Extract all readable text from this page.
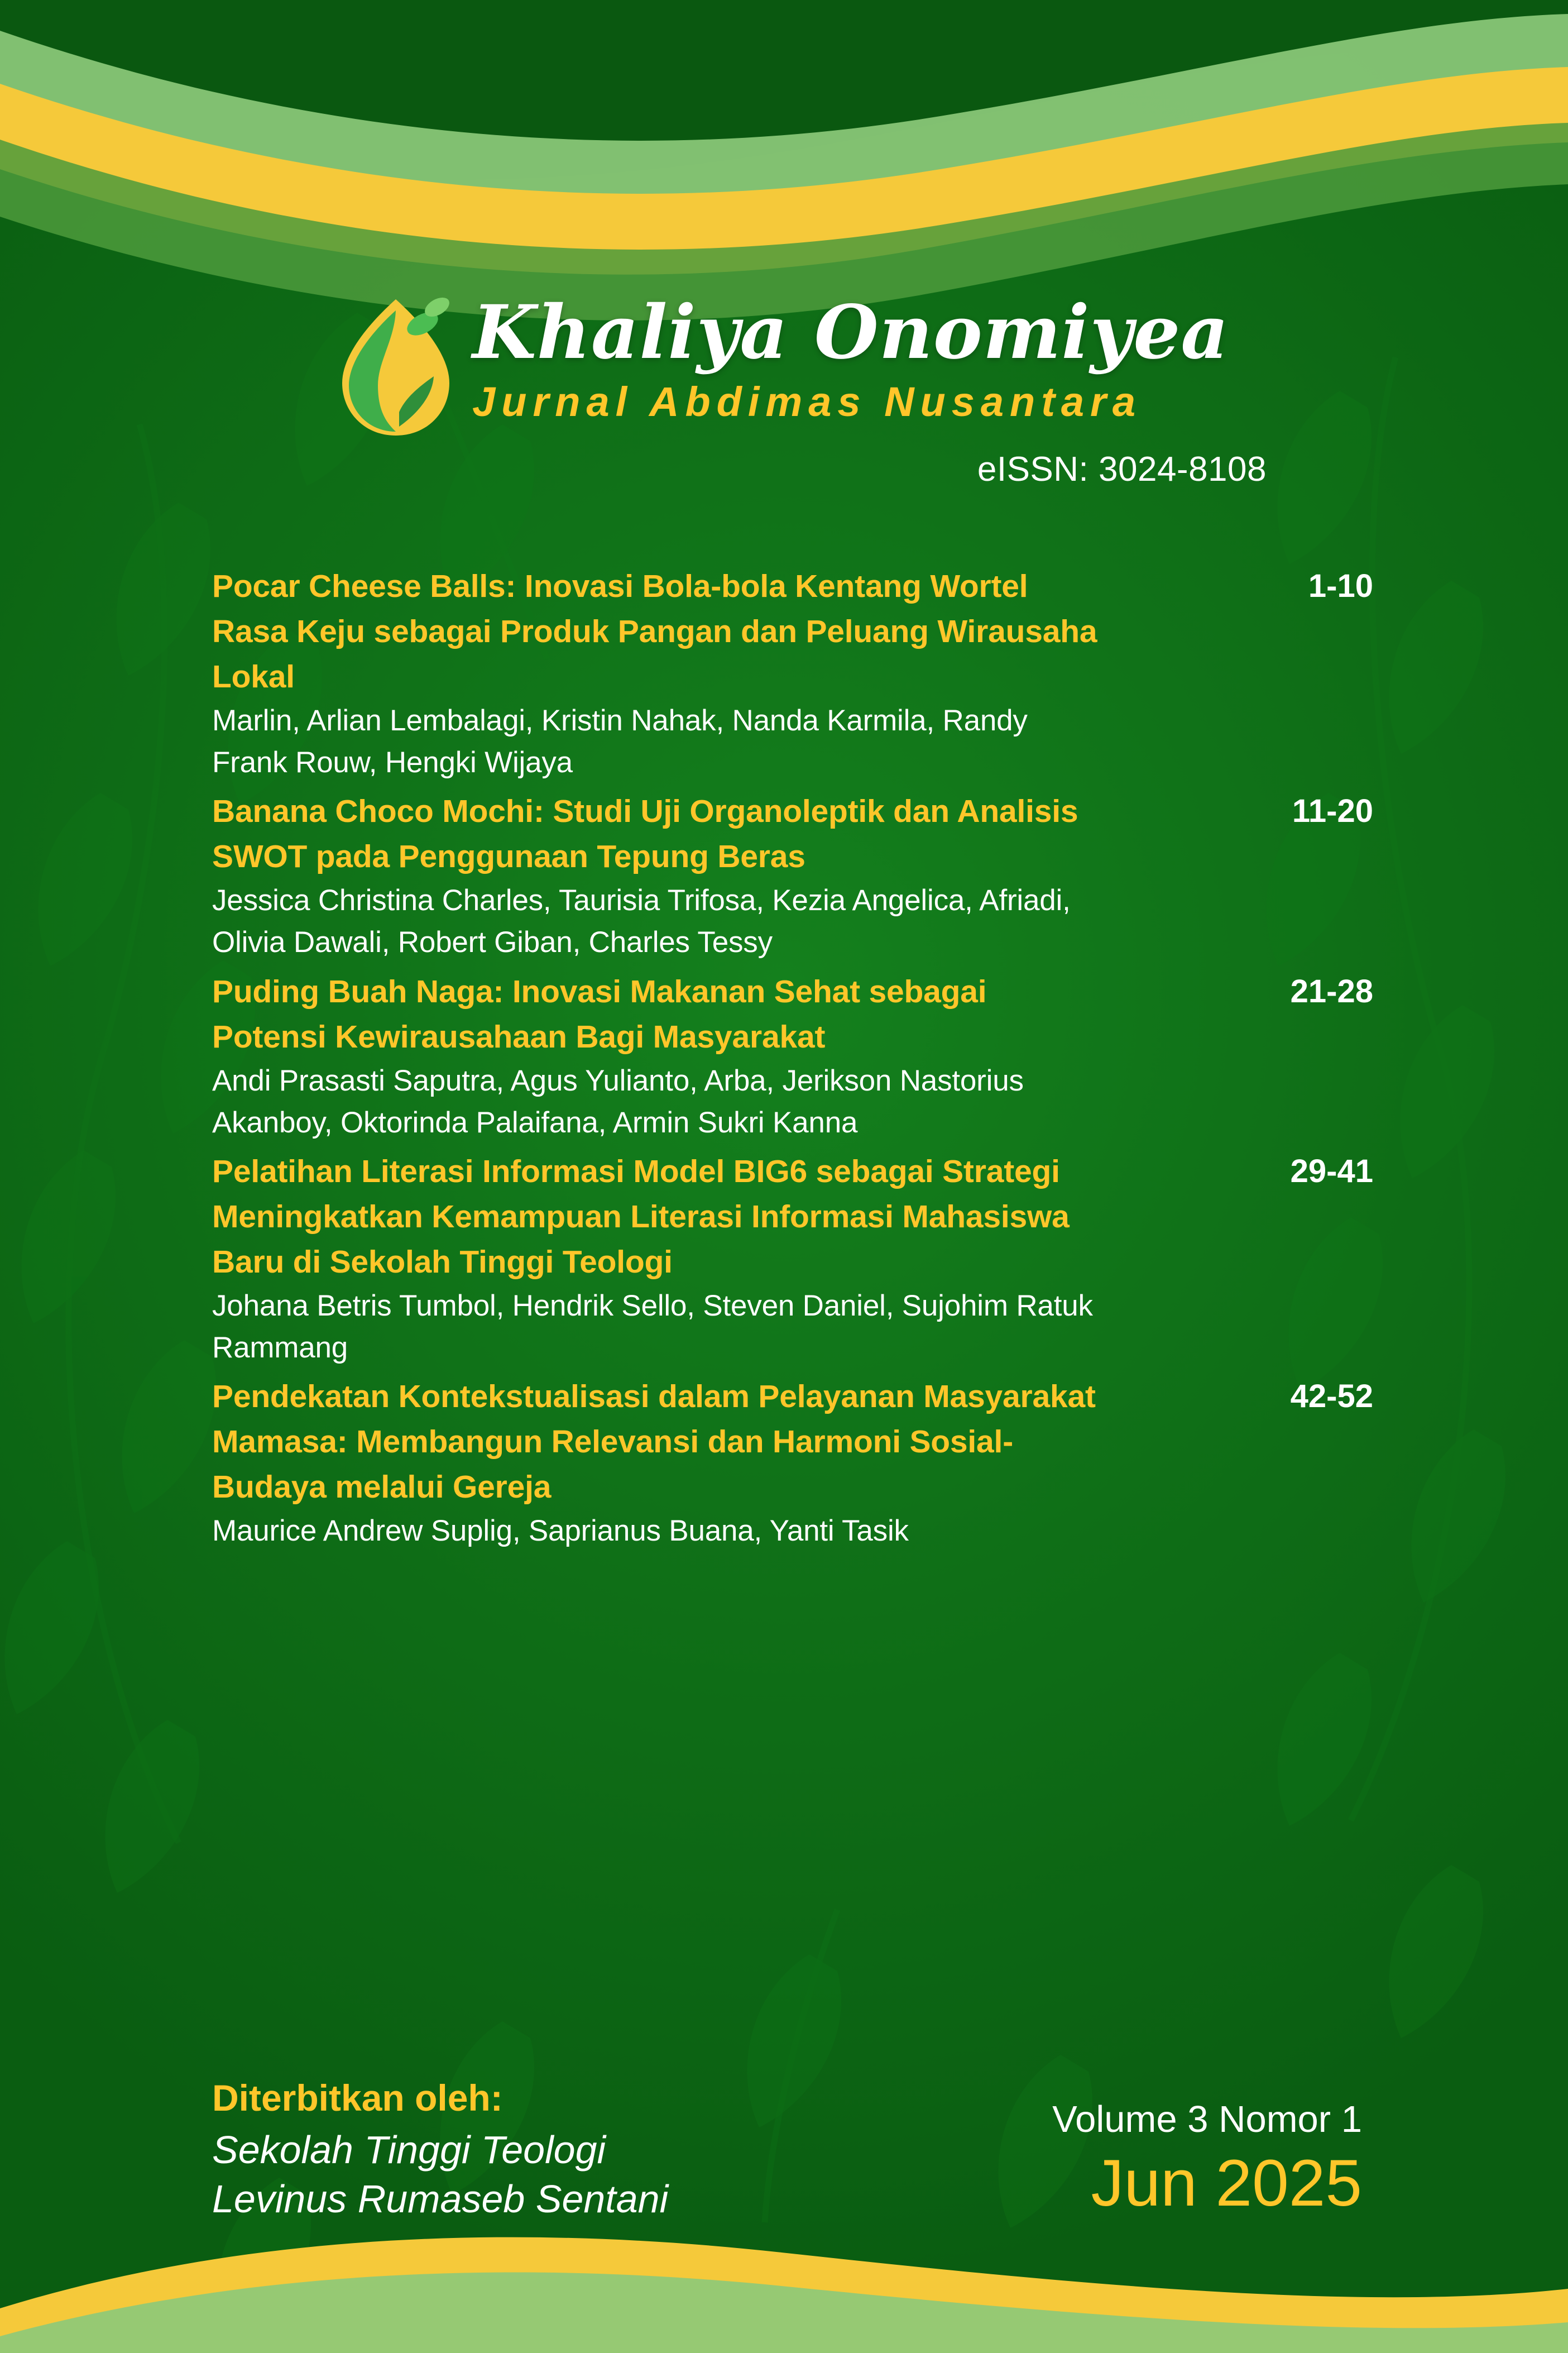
Khaliya Onomiyea
Jurnal Abdimas Nusantara
eISSN: 3024-8108
Pocar Cheese Balls: Inovasi Bola-bola Kentang Wortel Rasa Keju sebagai Produk Pangan dan Peluang Wirausaha Lokal
Marlin, Arlian Lembalagi, Kristin Nahak, Nanda Karmila, Randy Frank Rouw, Hengki Wijaya
1-10
Banana Choco Mochi: Studi Uji Organoleptik dan Analisis SWOT pada Penggunaan Tepung Beras
Jessica Christina Charles, Taurisia Trifosa, Kezia Angelica, Afriadi, Olivia Dawali, Robert Giban, Charles Tessy
11-20
Puding Buah Naga: Inovasi Makanan Sehat sebagai Potensi Kewirausahaan Bagi Masyarakat
Andi Prasasti Saputra, Agus Yulianto, Arba, Jerikson Nastorius Akanboy, Oktorinda Palaifana, Armin Sukri Kanna
21-28
Pelatihan Literasi Informasi Model BIG6 sebagai Strategi Meningkatkan Kemampuan Literasi Informasi Mahasiswa Baru di Sekolah Tinggi Teologi
Johana Betris Tumbol, Hendrik Sello, Steven Daniel, Sujohim Ratuk Rammang
29-41
Pendekatan Kontekstualisasi dalam Pelayanan Masyarakat Mamasa: Membangun Relevansi dan Harmoni Sosial-Budaya melalui Gereja
Maurice Andrew Suplig, Saprianus Buana, Yanti Tasik
42-52
Diterbitkan oleh:
Sekolah Tinggi Teologi
Levinus Rumaseb Sentani
Volume 3 Nomor 1
Jun 2025
